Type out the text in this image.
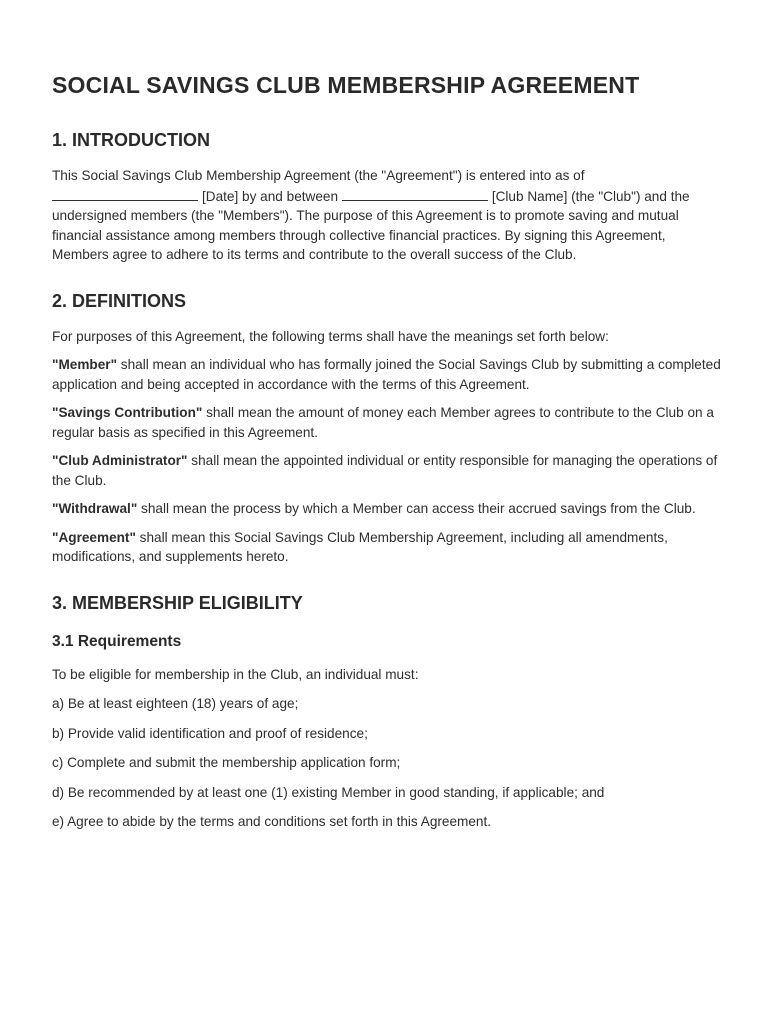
SOCIAL SAVINGS CLUB MEMBERSHIP AGREEMENT
1. INTRODUCTION

This Social Savings Club Membership Agreement (the "Agreement") is entered into as of [Date] by and between	[Club Name] (the "Club") and the undersigned members (the "Members"). The purpose of this Agreement is to promote saving and mutual financial assistance among members through collective financial practices. By signing this Agreement, Members agree to adhere to its terms and contribute to the overall success of the Club.

2. DEFINITIONS

For purposes of this Agreement, the following terms shall have the meanings set forth below:

"Member" shall mean an individual who has formally joined the Social Savings Club by submitting a completed application and being accepted in accordance with the terms of this Agreement.

"Savings Contribution" shall mean the amount of money each Member agrees to contribute to the Club on a regular basis as specified in this Agreement.

"Club Administrator" shall mean the appointed individual or entity responsible for managing the operations of the Club.

"Withdrawal" shall mean the process by which a Member can access their accrued savings from the Club.

"Agreement" shall mean this Social Savings Club Membership Agreement, including all amendments, modifications, and supplements hereto.

3. MEMBERSHIP ELIGIBILITY
3.1 Requirements

To be eligible for membership in the Club, an individual must:

a) Be at least eighteen (18) years of age;

b) Provide valid identification and proof of residence;

c) Complete and submit the membership application form;

d) Be recommended by at least one (1) existing Member in good standing, if applicable; and

e) Agree to abide by the terms and conditions set forth in this Agreement.
